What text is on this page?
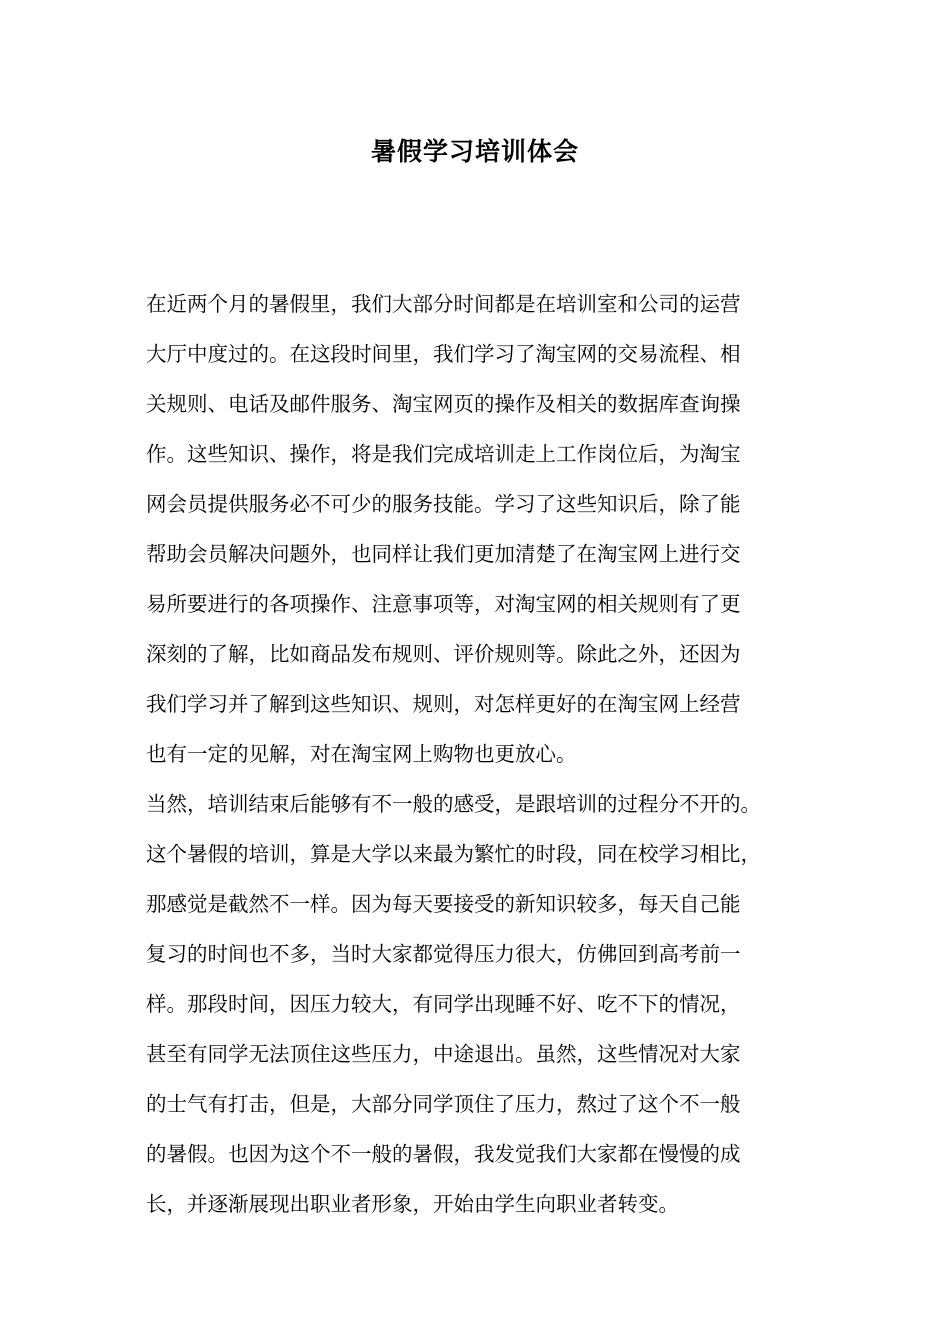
暑假学习培训体会
在近两个月的暑假里，我们大部分时间都是在培训室和公司的运营
大厅中度过的。在这段时间里，我们学习了淘宝网的交易流程、相
关规则、电话及邮件服务、淘宝网页的操作及相关的数据库查询操
作。这些知识、操作，将是我们完成培训走上工作岗位后，为淘宝
网会员提供服务必不可少的服务技能。学习了这些知识后，除了能
帮助会员解决问题外，也同样让我们更加清楚了在淘宝网上进行交
易所要进行的各项操作、注意事项等，对淘宝网的相关规则有了更
深刻的了解，比如商品发布规则、评价规则等。除此之外，还因为
我们学习并了解到这些知识、规则，对怎样更好的在淘宝网上经营
也有一定的见解，对在淘宝网上购物也更放心。
当然，培训结束后能够有不一般的感受，是跟培训的过程分不开的。
这个暑假的培训，算是大学以来最为繁忙的时段，同在校学习相比，
那感觉是截然不一样。因为每天要接受的新知识较多，每天自己能
复习的时间也不多，当时大家都觉得压力很大，仿佛回到高考前一
样。那段时间，因压力较大，有同学出现睡不好、吃不下的情况，
甚至有同学无法顶住这些压力，中途退出。虽然，这些情况对大家
的士气有打击，但是，大部分同学顶住了压力，熬过了这个不一般
的暑假。也因为这个不一般的暑假，我发觉我们大家都在慢慢的成
长，并逐渐展现出职业者形象，开始由学生向职业者转变。
